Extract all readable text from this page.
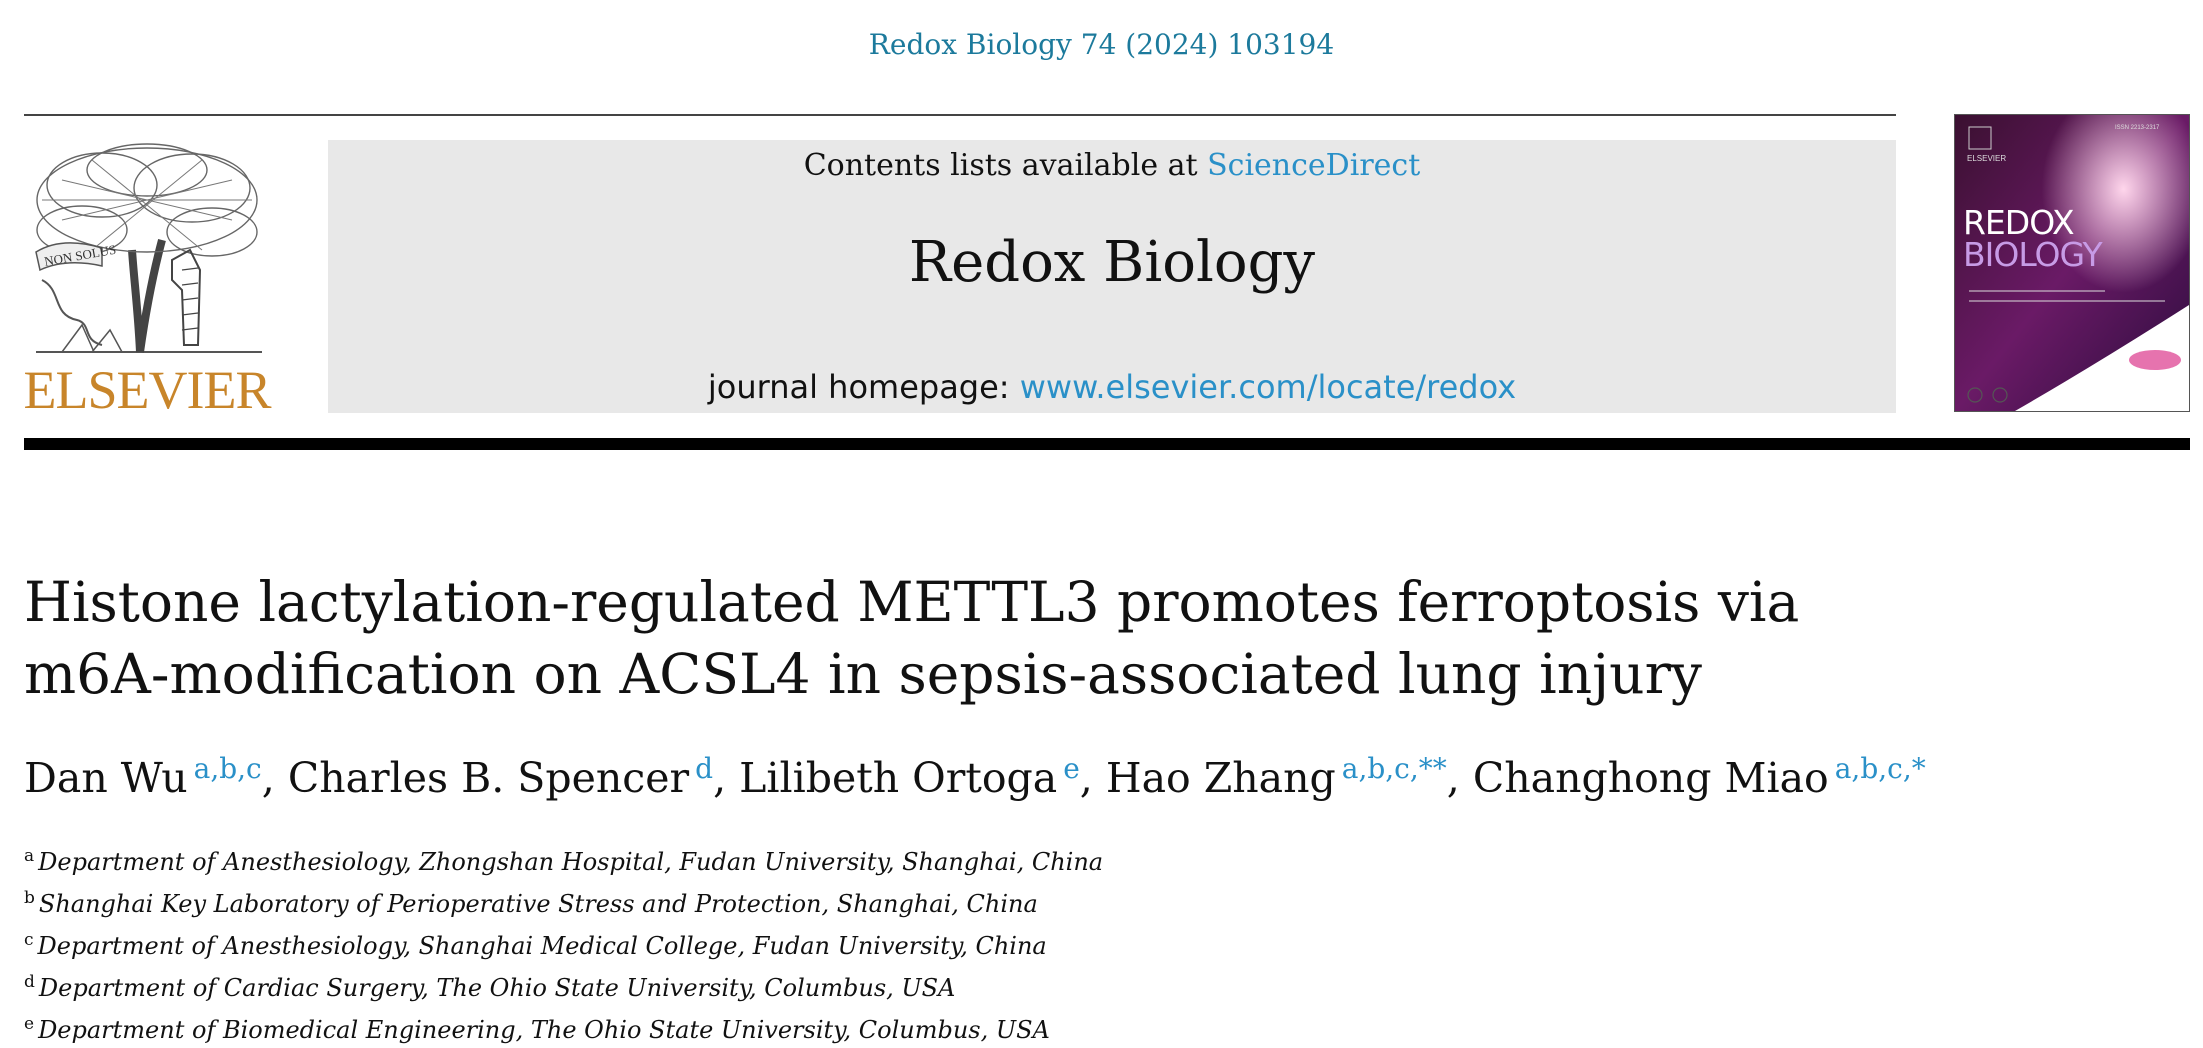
Redox Biology 74 (2024) 103194
NON SOLUS
ELSEVIER
Contents lists available at ScienceDirect
Redox Biology
journal homepage: www.elsevier.com/locate/redox
ELSEVIER
ISSN 2213-2317
REDOX
BIOLOGY
Histone lactylation-regulated METTL3 promotes ferroptosis via
m6A-modification on ACSL4 in sepsis-associated lung injury
Dan Wu $^{a,b,c}$, Charles B. Spencer $^d$, Lilibeth Ortoga $^e$, Hao Zhang $^{a,b,c,**}$, Changhong Miao $^{a,b,c,*}$
$^a$ Department of Anesthesiology, Zhongshan Hospital, Fudan University, Shanghai, China
$^b$ Shanghai Key Laboratory of Perioperative Stress and Protection, Shanghai, China
$^c$ Department of Anesthesiology, Shanghai Medical College, Fudan University, China
$^d$ Department of Cardiac Surgery, The Ohio State University, Columbus, USA
$^e$ Department of Biomedical Engineering, The Ohio State University, Columbus, USA
